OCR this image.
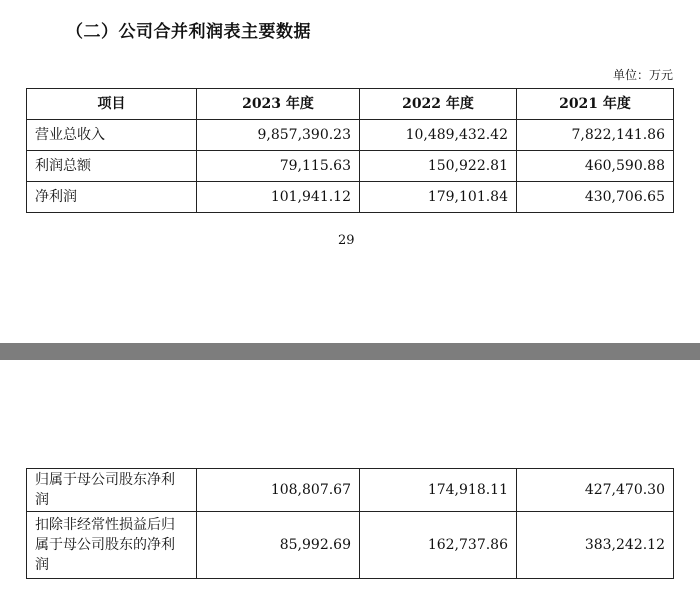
（二）公司合并利润表主要数据
单位：万元
项目	2023 年度	2022 年度	2021 年度
营业总收入	9,857,390.23	10,489,432.42	7,822,141.86
利润总额	79,115.63	150,922.81	460,590.88
净利润	101,941.12	179,101.84	430,706.65
29
归属于母公司股东净利润	108,807.67	174,918.11	427,470.30
扣除非经常性损益后归属于母公司股东的净利润	85,992.69	162,737.86	383,242.12
